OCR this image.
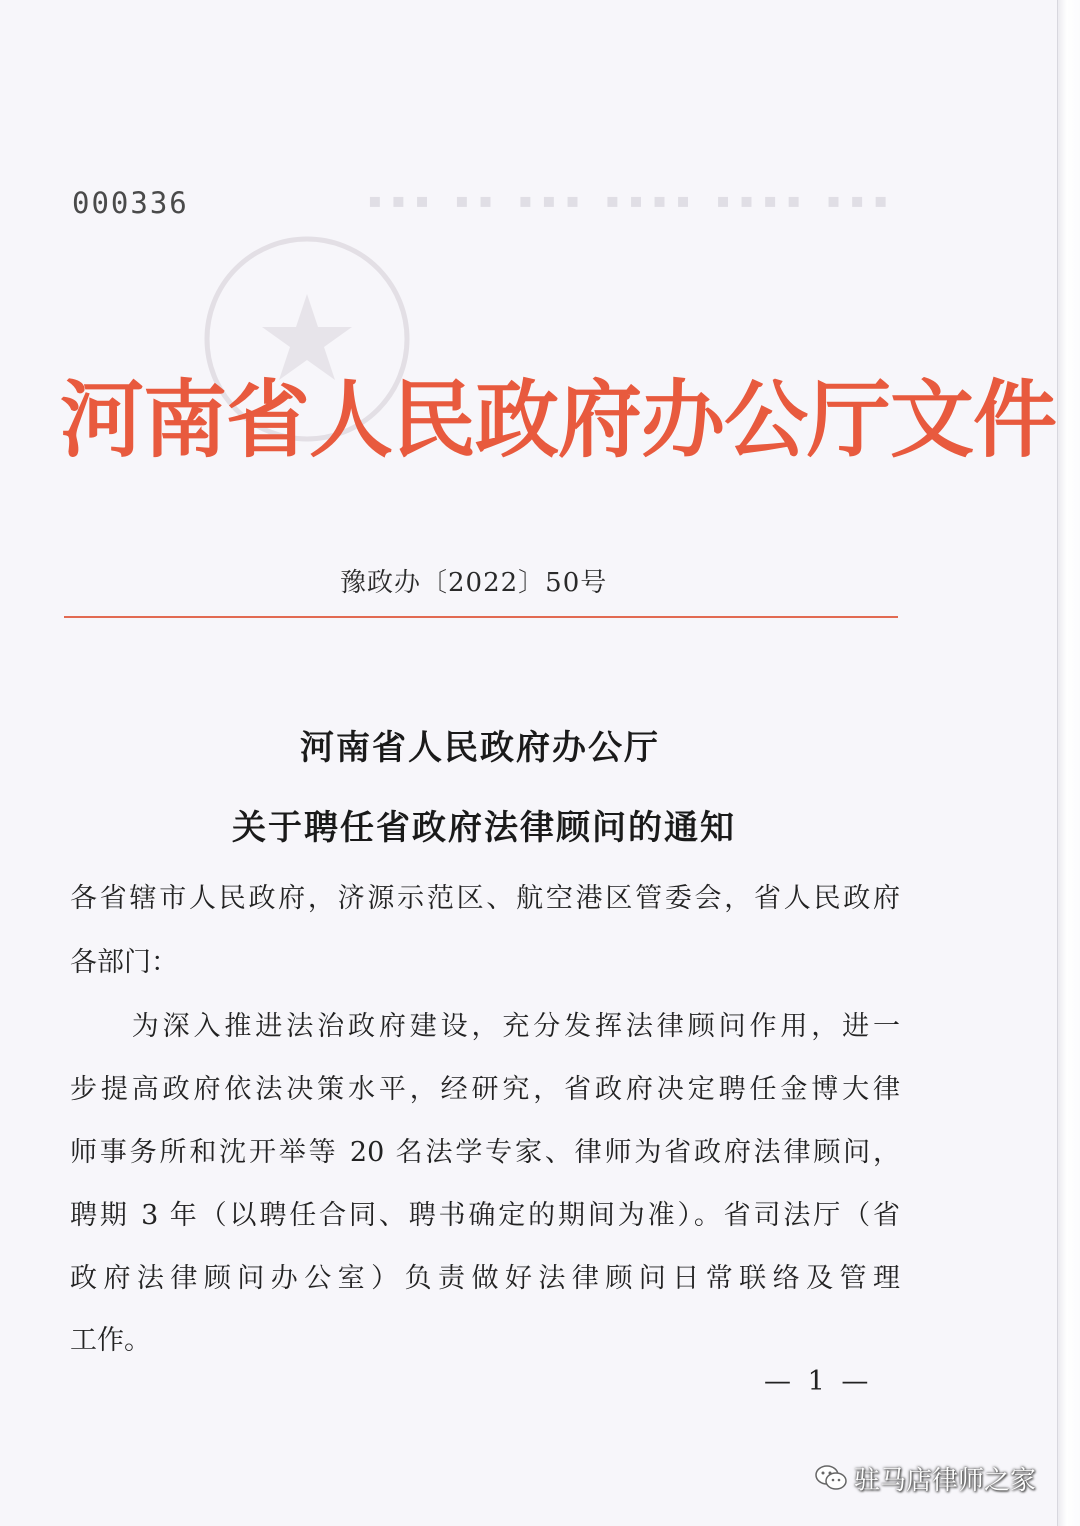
▪▪▪ ▪▪ ▪▪▪ ▪▪▪▪ ▪▪▪▪ ▪▪▪
000336
河南省人民政府办公厅文件
豫政办〔2022〕50号
河南省人民政府办公厅
关于聘任省政府法律顾问的通知
各省辖市人民政府，济源示范区、航空港区管委会，省人民政府
各部门：
　　为深入推进法治政府建设，充分发挥法律顾问作用，进一
步提高政府依法决策水平，经研究，省政府决定聘任金博大律
师事务所和沈开举等 20 名法学专家、律师为省政府法律顾问，
聘期 3 年（以聘任合同、聘书确定的期间为准）。省司法厅（省
政府法律顾问办公室）负责做好法律顾问日常联络及管理
工作。
— 1 —
驻马店律师之家
